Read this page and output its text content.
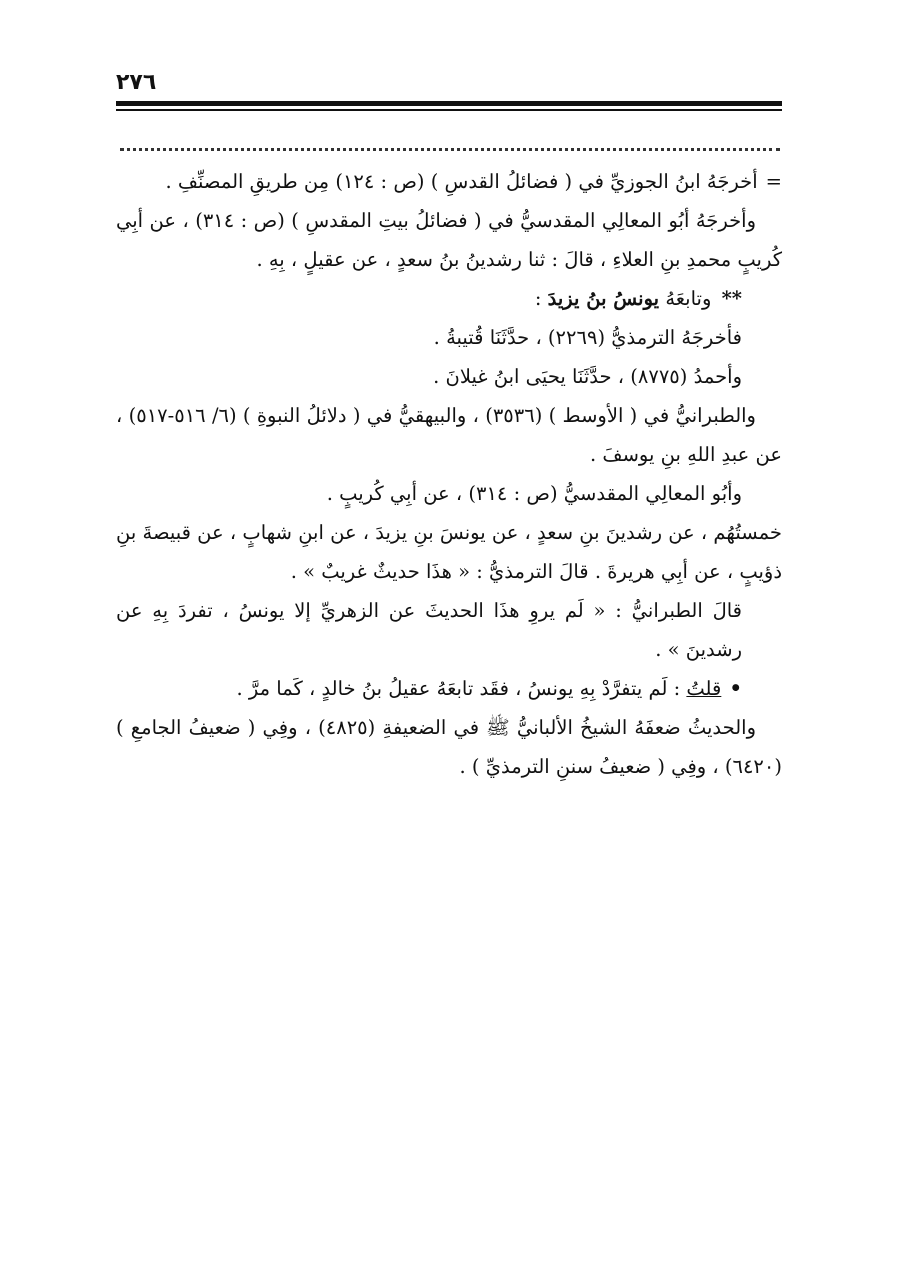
٢٧٦

=أخرجَهُ ابنُ الجوزيِّ في ( فضائلُ القدسِ ) (ص : ١٢٤) مِن طريقِ المصنِّفِ .

وأخرجَهُ أبُو المعالِي المقدسيُّ في ( فضائلُ بيتِ المقدسِ ) (ص : ٣١٤) ، عن أبِي كُريبٍ محمدِ بنِ العلاءِ ، قالَ : ثنا رشدينُ بنُ سعدٍ ، عن عقيلٍ ، بِهِ .

** وتابعَهُ يونسُ بنُ يزيدَ :

فأخرجَهُ الترمذيُّ (٢٢٦٩) ، حدَّثَنَا قُتيبةُ .

وأحمدُ (٨٧٧٥) ، حدَّثَنَا يحيَى ابنُ غيلانَ .

والطبرانيُّ في ( الأوسط ) (٣٥٣٦) ، والبيهقيُّ في ( دلائلُ النبوةِ ) (٦/ ٥١٦-٥١٧) ، عن عبدِ اللهِ بنِ يوسفَ .

وأبُو المعالِي المقدسيُّ (ص : ٣١٤) ، عن أبِي كُريبٍ .

خمستُهُم ، عن رشدينَ بنِ سعدٍ ، عن يونسَ بنِ يزيدَ ، عن ابنِ شهابٍ ، عن قبيصةَ بنِ ذؤيبٍ ، عن أبِي هريرةَ . قالَ الترمذيُّ : « هذَا حديثٌ غريبٌ » .

قالَ الطبرانيُّ : « لَم يروِ هذَا الحديثَ عن الزهريِّ إلا يونسُ ، تفردَ بِهِ عن رشدينَ » .

• قلتُ : لَم يتفرَّدْ بِهِ يونسُ ، فقَد تابعَهُ عقيلُ بنُ خالدٍ ، كَما مرَّ .

والحديثُ ضعفَهُ الشيخُ الألبانيُّ ﷺ في الضعيفةِ (٤٨٢٥) ، وفِي ( ضعيفُ الجامعِ ) (٦٤٢٠) ، وفِي ( ضعيفُ سننِ الترمذيِّ ) .
